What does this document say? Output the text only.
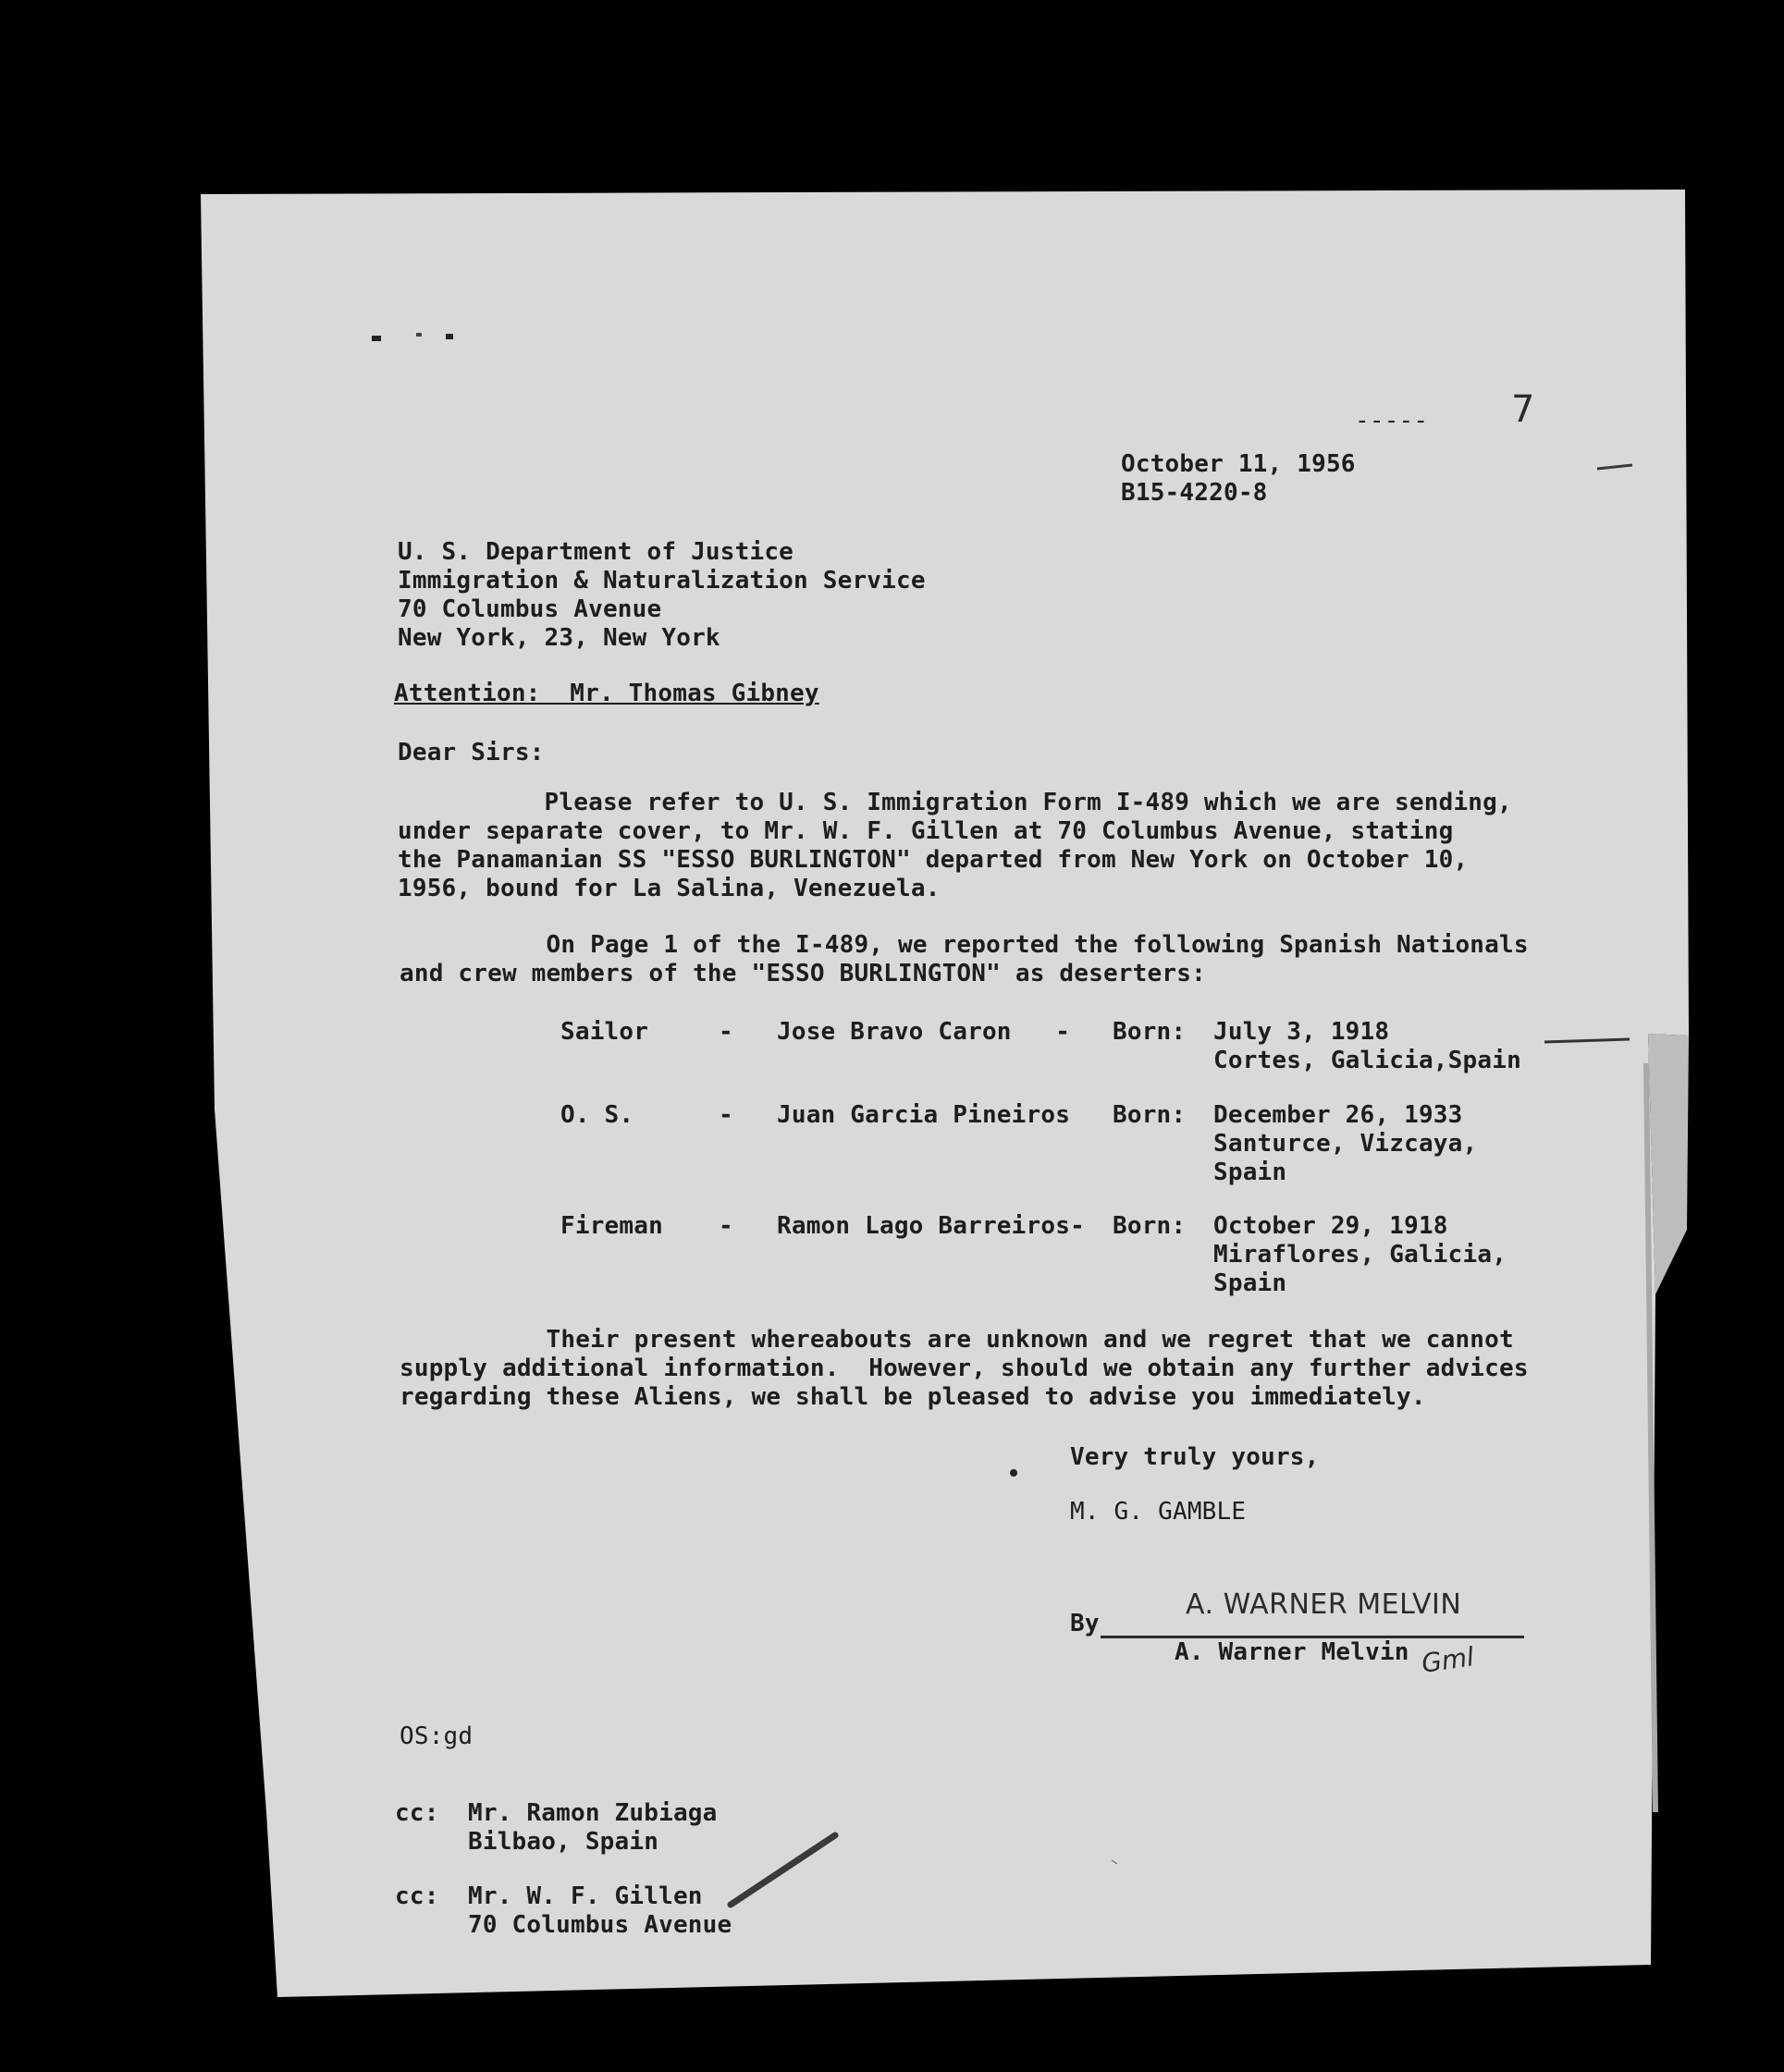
----- 7
October 11, 1956
B15-4220-8
U. S. Department of Justice
Immigration & Naturalization Service
70 Columbus Avenue
New York, 23, New York
Attention:  Mr. Thomas Gibney
Dear Sirs:
Please refer to U. S. Immigration Form I-489 which we are sending,
under separate cover, to Mr. W. F. Gillen at 70 Columbus Avenue, stating
the Panamanian SS "ESSO BURLINGTON" departed from New York on October 10,
1956, bound for La Salina, Venezuela.
On Page 1 of the I-489, we reported the following Spanish Nationals
and crew members of the "ESSO BURLINGTON" as deserters:
Sailor	- Jose Bravo Caron   - Born: July 3, 1918
Cortes, Galicia,Spain
O. S.	- Juan Garcia Pineiros Born: December 26, 1933
Santurce, Vizcaya,
Spain
Fireman - Ramon Lago Barreiros- Born: October 29, 1918
Miraflores, Galicia,
Spain
Their present whereabouts are unknown and we regret that we cannot
supply additional information.  However, should we obtain any further advices
regarding these Aliens, we shall be pleased to advise you immediately.
Very truly yours,
M. G. GAMBLE
By
A. WARNER MELVIN
A. Warner Melvin Gml
OS:gd
cc: Mr. Ramon Zubiaga
Bilbao, Spain
cc: Mr. W. F. Gillen
70 Columbus Avenue
